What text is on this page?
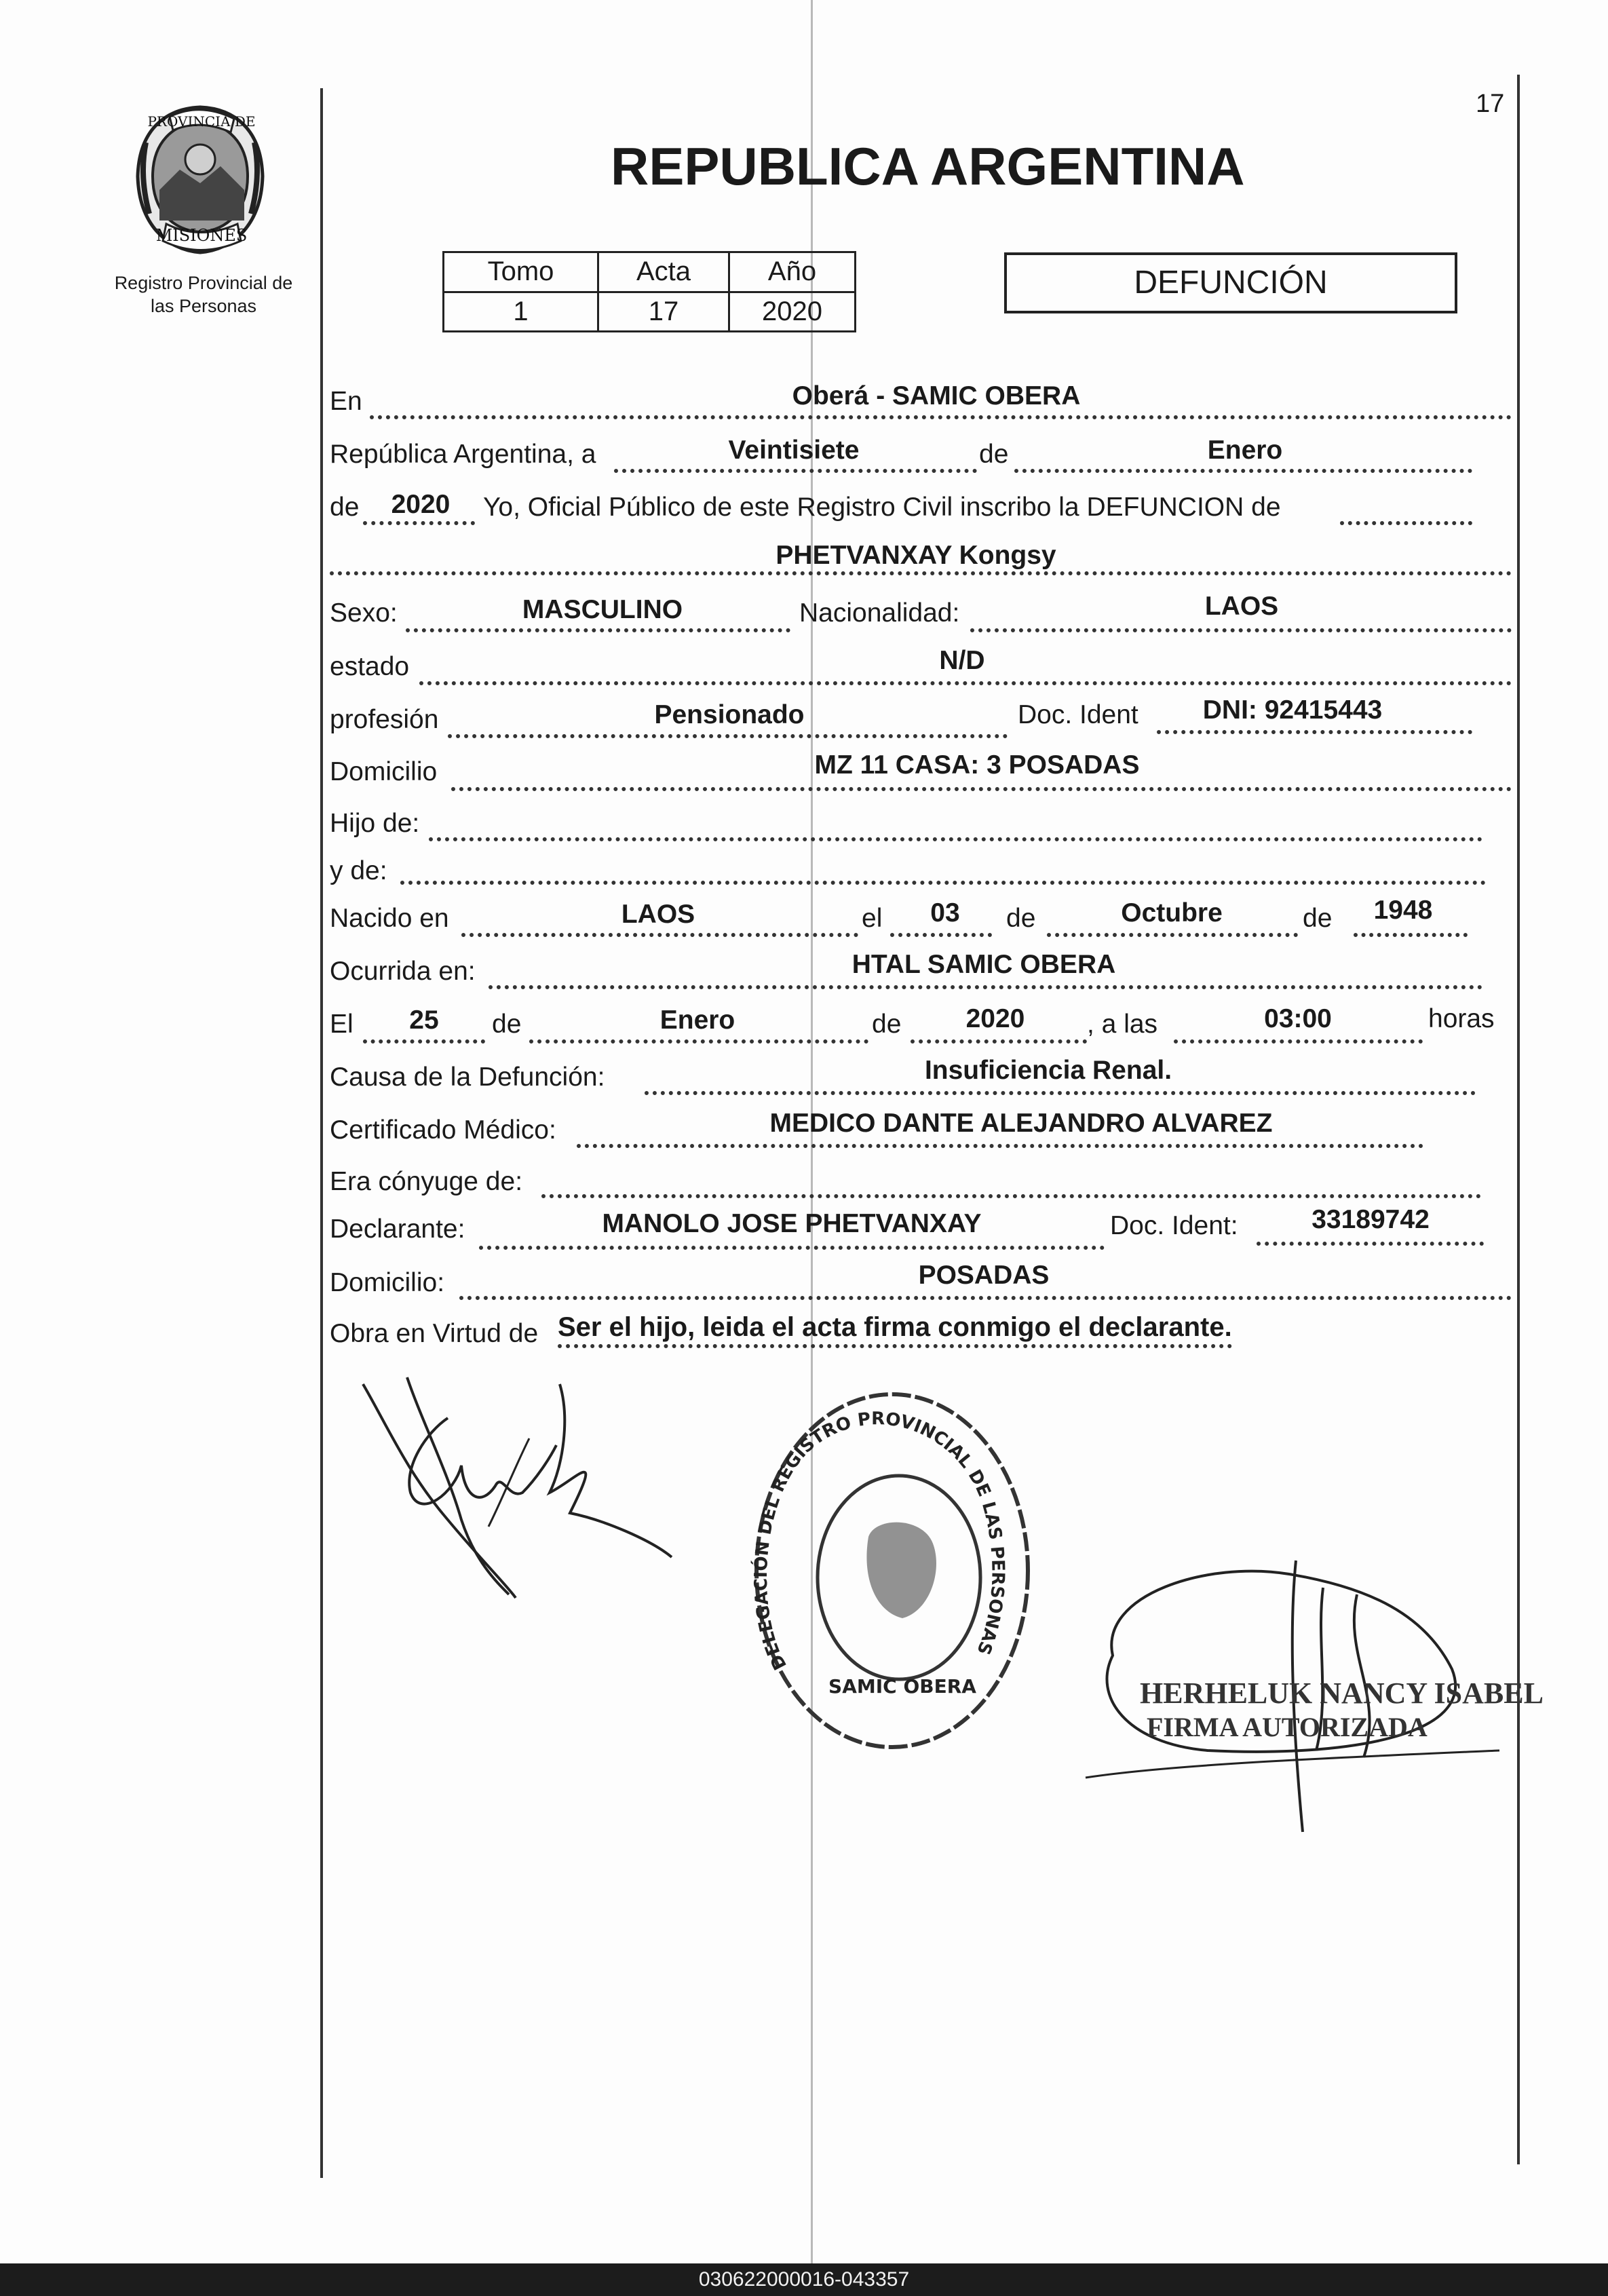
PROVINCIA DE
MISIONES
Registro Provincial de
las Personas
17
REPUBLICA ARGENTINA
Tomo	Acta	Año
1	17	2020
DEFUNCIÓN
En	Oberá - SAMIC OBERA
República Argentina, a	Veintisiete	de	Enero
de 2020 Yo, Oficial Público de este Registro Civil inscribo la DEFUNCION de
PHETVANXAY Kongsy
Sexo:	MASCULINO	Nacionalidad:	LAOS
estado	N/D
profesión	Pensionado	Doc. Ident DNI: 92415443
Domicilio	MZ 11 CASA: 3 POSADAS
Hijo de:
y de:
Nacido en	LAOS	el 03 de	Octubre	de 1948
Ocurrida en:	HTAL SAMIC OBERA
El 25 de	Enero	de 2020 , a las	03:00	horas
Causa de la Defunción:	Insuficiencia Renal.
Certificado Médico:	MEDICO DANTE ALEJANDRO ALVAREZ
Era cónyuge de:
Declarante:	MANOLO JOSE PHETVANXAY	Doc. Ident:	33189742
Domicilio:	POSADAS
Obra en Virtud de Ser el hijo, leida el acta firma conmigo el declarante.
DELEGACIÓN DEL REGISTRO PROVINCIAL DE LAS PERSONAS
SAMIC OBERA	HERHELUK NANCY ISABEL
FIRMA AUTORIZADA
030622000016-043357
